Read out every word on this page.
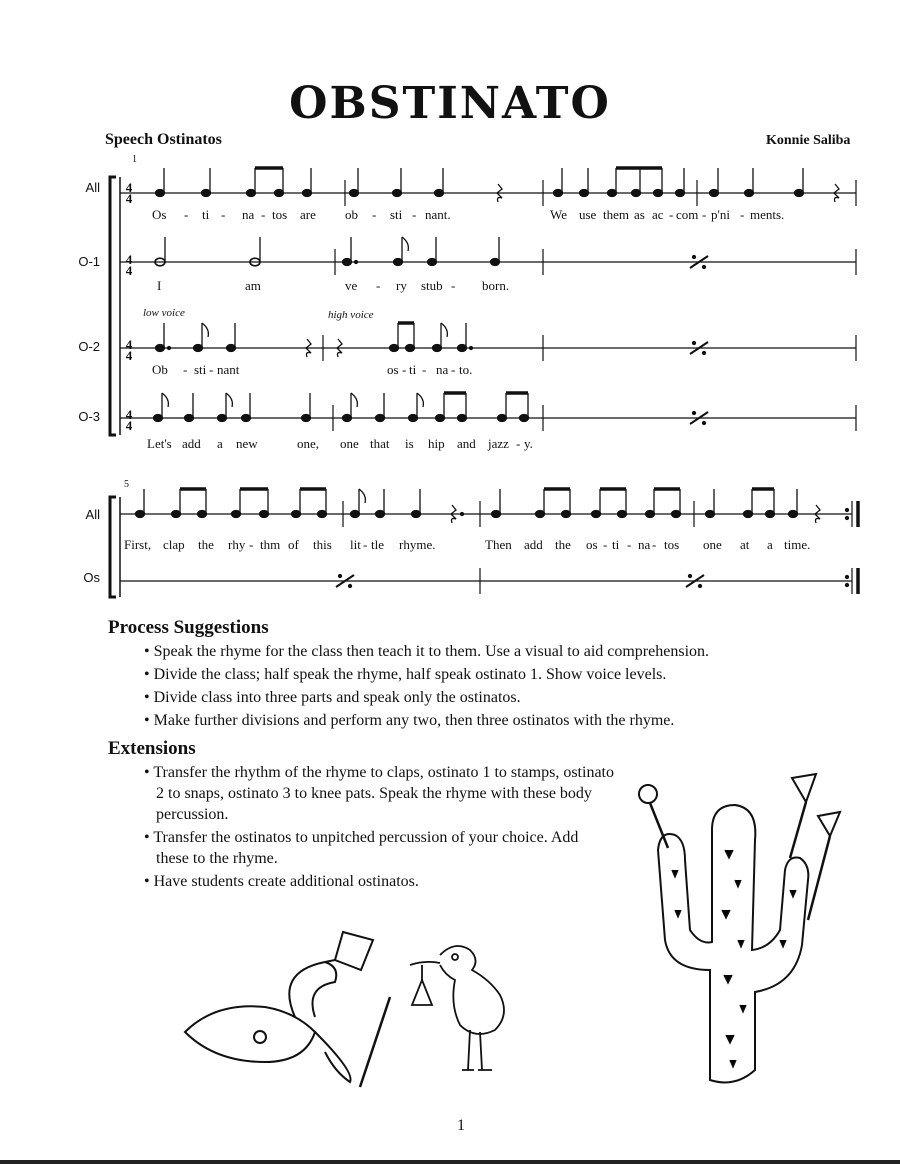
OBSTINATO
Speech Ostinatos	Konnie Saliba
All
O-1
O-2
O-3
All
Os
1
5
4
4
4
4
4
4
4
4
low voice	high voice
Os - ti - na - tos are ob - sti - nant.	We use them as ac - com - p'ni - ments.
I	am	ve - ry stub - born.
Ob - sti - nant	os - ti - na - to.
Let's add a new	one, one that is hip and jazz - y.
First, clap the rhy - thm of this lit - tle rhyme.	Then add the os - ti - na - tos one at a time.
Process Suggestions
• Speak the rhyme for the class then teach it to them. Use a visual to aid comprehension.
• Divide the class; half speak the rhyme, half speak ostinato 1. Show voice levels.
• Divide class into three parts and speak only the ostinatos.
• Make further divisions and perform any two, then three ostinatos with the rhyme.
Extensions
• Transfer the rhythm of the rhyme to claps, ostinato 1 to stamps, ostinato 2 to snaps, ostinato 3 to knee pats. Speak the rhyme with these body percussion.
• Transfer the ostinatos to unpitched percussion of your choice. Add these to the rhyme.
• Have students create additional ostinatos.
1
